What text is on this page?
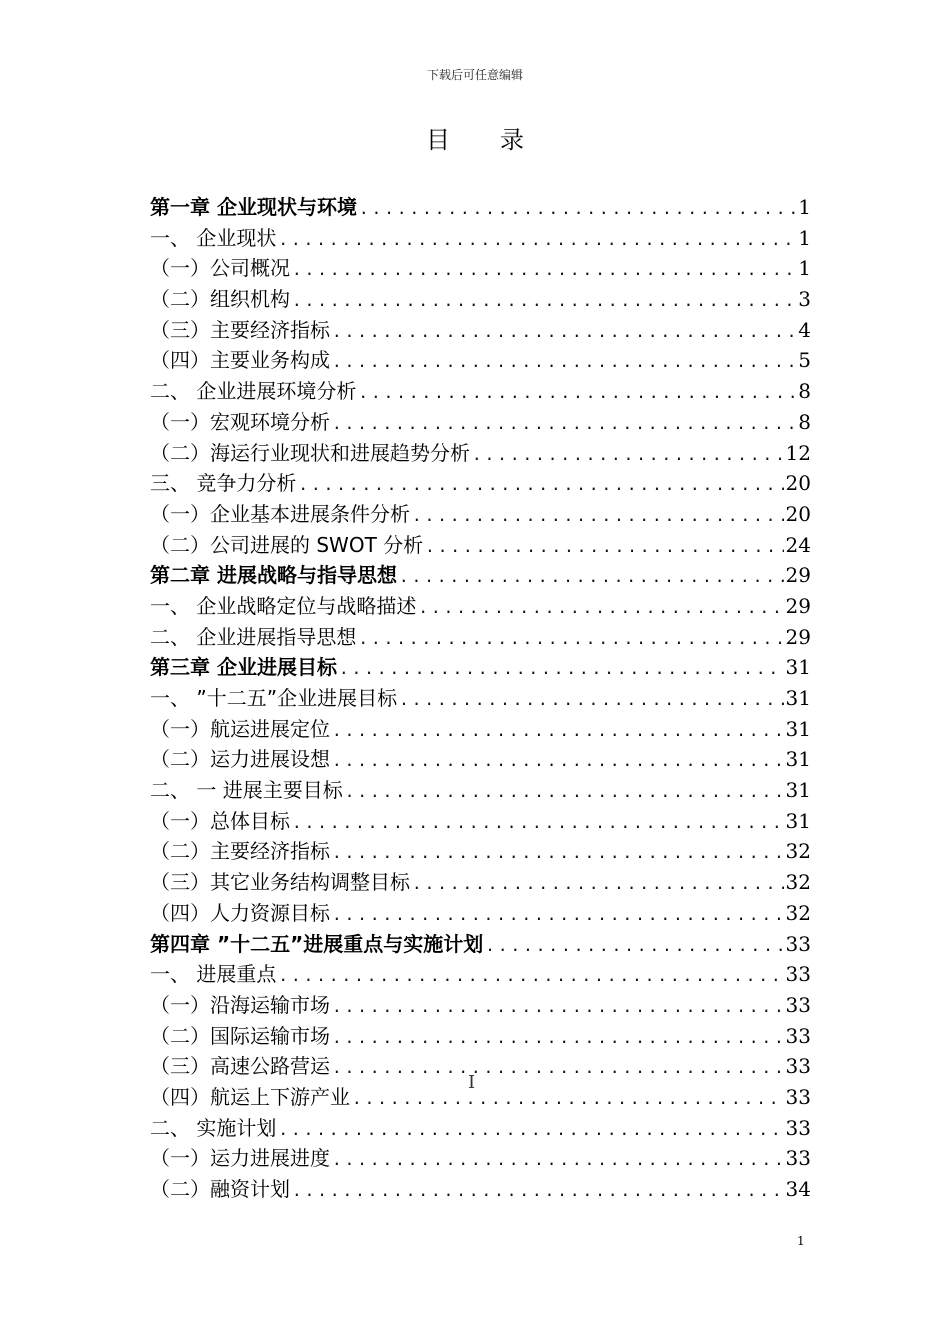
下载后可任意编辑
目 录
第一章 企业现状与环境 .....	1
一、 企业现状 .....	1
（一）公司概况 .....	1
（二）组织机构 .....	3
（三）主要经济指标 .....	4
（四）主要业务构成 .....	5
二、 企业进展环境分析 .....	8
（一）宏观环境分析 .....	8
（二）海运行业现状和进展趋势分析 .....	12
三、 竞争力分析 .....	20
（一）企业基本进展条件分析 .....	20
（二）公司进展的 SWOT 分析 .....	24
第二章 进展战略与指导思想 .....	29
一、 企业战略定位与战略描述 .....	29
二、 企业进展指导思想 .....	29
第三章 企业进展目标 .....	31
一、 ”十二五”企业进展目标 .....	31
（一）航运进展定位 .....	31
（二）运力进展设想 .....	31
二、 一 进展主要目标 .....	31
（一）总体目标 .....	31
（二）主要经济指标 .....	32
（三）其它业务结构调整目标 .....	32
（四）人力资源目标 .....	32
第四章 ”十二五”进展重点与实施计划 .....	33
一、 进展重点 .....	33
（一）沿海运输市场 .....	33
（二）国际运输市场 .....	33
（三）高速公路营运 .....	33
（四）航运上下游产业 .....	33
二、 实施计划 .....	33
（一）运力进展进度 .....	33
（二）融资计划 .....	34
I
1
